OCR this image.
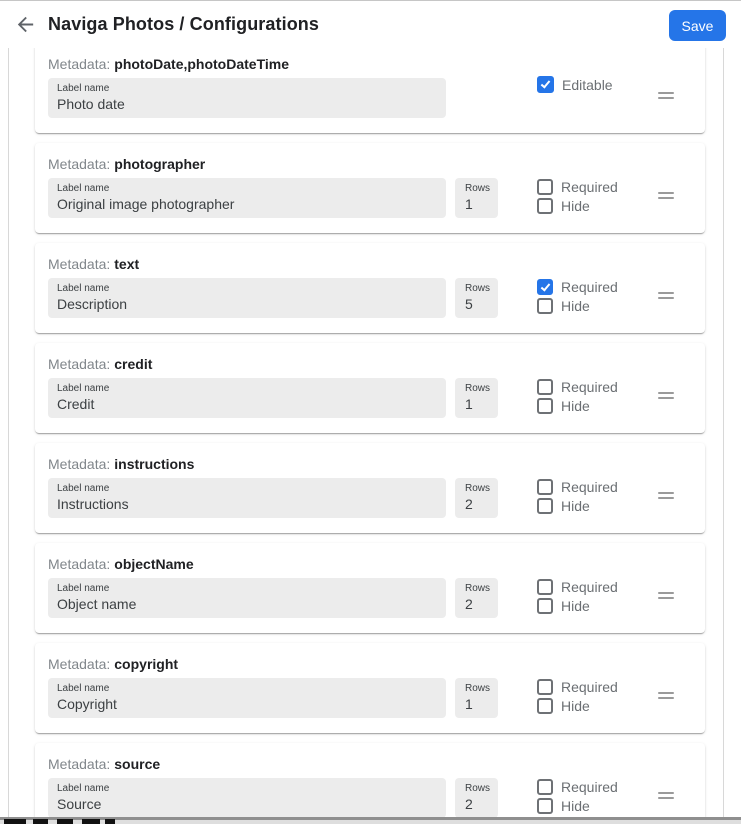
Naviga Photos / Configurations	Save
Metadata: photoDate,photoDateTime
Label name
Photo date
Editable
Metadata: photographer
Label name
Original image photographer
Rows
1
Required
Hide
Metadata: text
Label name
Description
Rows
5
Required
Hide
Metadata: credit
Label name
Credit
Rows
1
Required
Hide
Metadata: instructions
Label name
Instructions
Rows
2
Required
Hide
Metadata: objectName
Label name
Object name
Rows
2
Required
Hide
Metadata: copyright
Label name
Copyright
Rows
1
Required
Hide
Metadata: source
Label name
Source
Rows
2
Required
Hide
